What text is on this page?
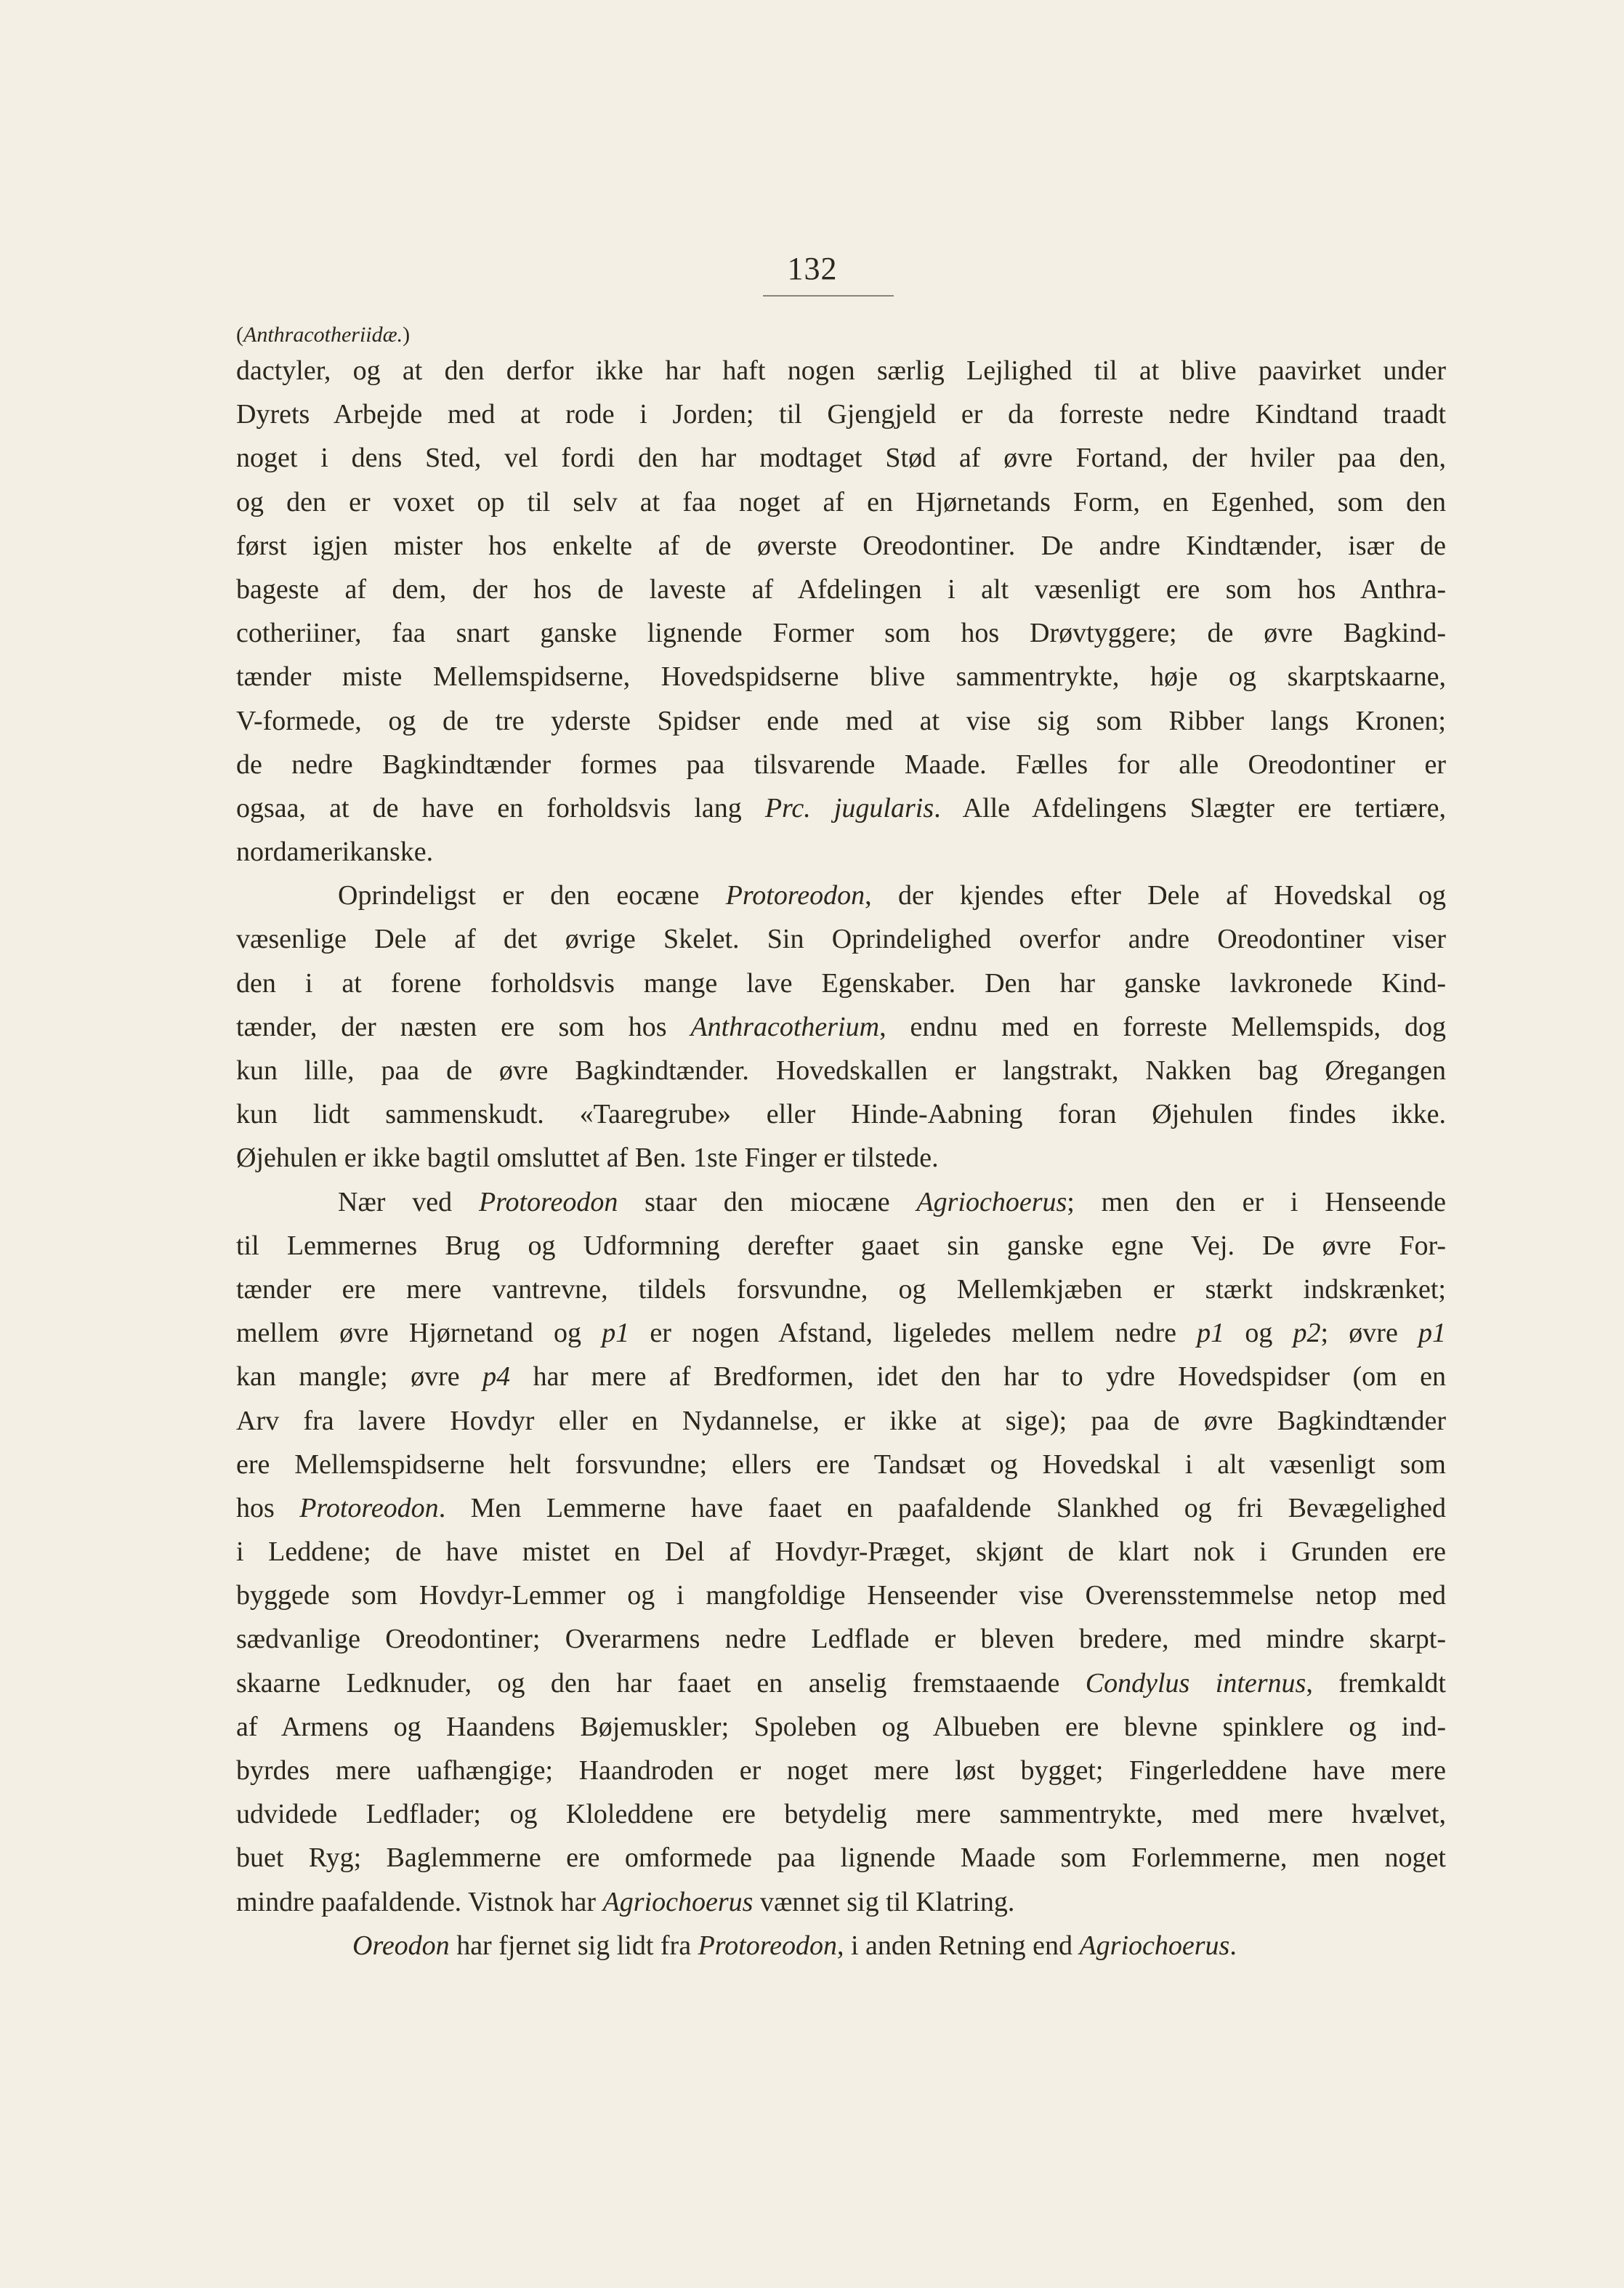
132
(Anthracotheriidæ.)
dactyler, og at den derfor ikke har haft nogen særlig Lejlighed til at blive paavirket under
Dyrets Arbejde med at rode i Jorden; til Gjengjeld er da forreste nedre Kindtand traadt
noget i dens Sted, vel fordi den har modtaget Stød af øvre Fortand, der hviler paa den,
og den er voxet op til selv at faa noget af en Hjørnetands Form, en Egenhed, som den
først igjen mister hos enkelte af de øverste Oreodontiner. De andre Kindtænder, især de
bageste af dem, der hos de laveste af Afdelingen i alt væsenligt ere som hos Anthra-
cotheriiner, faa snart ganske lignende Former som hos Drøvtyggere; de øvre Bagkind-
tænder miste Mellemspidserne, Hovedspidserne blive sammentrykte, høje og skarptskaarne,
V-formede, og de tre yderste Spidser ende med at vise sig som Ribber langs Kronen;
de nedre Bagkindtænder formes paa tilsvarende Maade. Fælles for alle Oreodontiner er
ogsaa, at de have en forholdsvis lang Prc. jugularis. Alle Afdelingens Slægter ere tertiære,
nordamerikanske.
Oprindeligst er den eocæne Protoreodon, der kjendes efter Dele af Hovedskal og
væsenlige Dele af det øvrige Skelet. Sin Oprindelighed overfor andre Oreodontiner viser
den i at forene forholdsvis mange lave Egenskaber. Den har ganske lavkronede Kind-
tænder, der næsten ere som hos Anthracotherium, endnu med en forreste Mellemspids, dog
kun lille, paa de øvre Bagkindtænder. Hovedskallen er langstrakt, Nakken bag Øregangen
kun lidt sammenskudt. «Taaregrube» eller Hinde-Aabning foran Øjehulen findes ikke.
Øjehulen er ikke bagtil omsluttet af Ben. 1ste Finger er tilstede.
Nær ved Protoreodon staar den miocæne Agriochoerus; men den er i Henseende
til Lemmernes Brug og Udformning derefter gaaet sin ganske egne Vej. De øvre For-
tænder ere mere vantrevne, tildels forsvundne, og Mellemkjæben er stærkt indskrænket;
mellem øvre Hjørnetand og p1 er nogen Afstand, ligeledes mellem nedre p1 og p2; øvre p1
kan mangle; øvre p4 har mere af Bredformen, idet den har to ydre Hovedspidser (om en
Arv fra lavere Hovdyr eller en Nydannelse, er ikke at sige); paa de øvre Bagkindtænder
ere Mellemspidserne helt forsvundne; ellers ere Tandsæt og Hovedskal i alt væsenligt som
hos Protoreodon. Men Lemmerne have faaet en paafaldende Slankhed og fri Bevægelighed
i Leddene; de have mistet en Del af Hovdyr-Præget, skjønt de klart nok i Grunden ere
byggede som Hovdyr-Lemmer og i mangfoldige Henseender vise Overensstemmelse netop med
sædvanlige Oreodontiner; Overarmens nedre Ledflade er bleven bredere, med mindre skarpt-
skaarne Ledknuder, og den har faaet en anselig fremstaaende Condylus internus, fremkaldt
af Armens og Haandens Bøjemuskler; Spoleben og Albueben ere blevne spinklere og ind-
byrdes mere uafhængige; Haandroden er noget mere løst bygget; Fingerleddene have mere
udvidede Ledflader; og Kloleddene ere betydelig mere sammentrykte, med mere hvælvet,
buet Ryg; Baglemmerne ere omformede paa lignende Maade som Forlemmerne, men noget
mindre paafaldende. Vistnok har Agriochoerus vænnet sig til Klatring.
Oreodon har fjernet sig lidt fra Protoreodon, i anden Retning end Agriochoerus.
